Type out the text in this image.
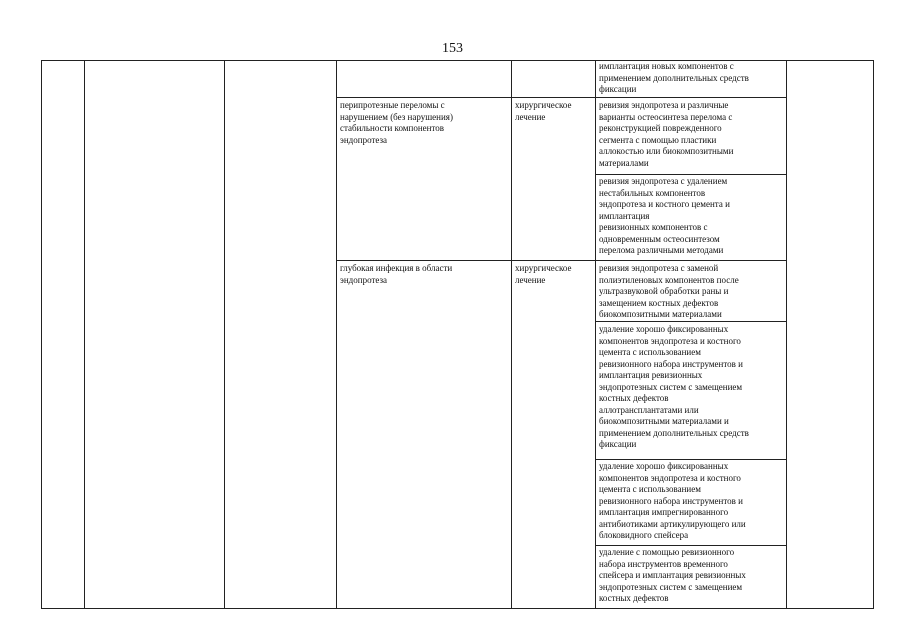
153
имплантация новых компонентов с
применением дополнительных средств
фиксации
перипротезные переломы с
нарушением (без нарушения)
стабильности компонентов
эндопротеза
хирургическое
лечение
ревизия эндопротеза и различные
варианты остеосинтеза перелома с
реконструкцией поврежденного
сегмента с помощью пластики
аллокостью или биокомпозитными
материалами
ревизия эндопротеза с удалением
нестабильных компонентов
эндопротеза и костного цемента и
имплантация
ревизионных компонентов с
одновременным остеосинтезом
перелома различными методами
глубокая инфекция в области
эндопротеза
хирургическое
лечение
ревизия эндопротеза с заменой
полиэтиленовых компонентов после
ультразвуковой обработки раны и
замещением костных дефектов
биокомпозитными материалами
удаление хорошо фиксированных
компонентов эндопротеза и костного
цемента с использованием
ревизионного набора инструментов и
имплантация ревизионных
эндопротезных систем с замещением
костных дефектов
аллотрансплантатами или
биокомпозитными материалами и
применением дополнительных средств
фиксации
удаление хорошо фиксированных
компонентов эндопротеза и костного
цемента с использованием
ревизионного набора инструментов и
имплантация импрегнированного
антибиотиками артикулирующего или
блоковидного спейсера
удаление с помощью ревизионного
набора инструментов временного
спейсера и имплантация ревизионных
эндопротезных систем с замещением
костных дефектов
